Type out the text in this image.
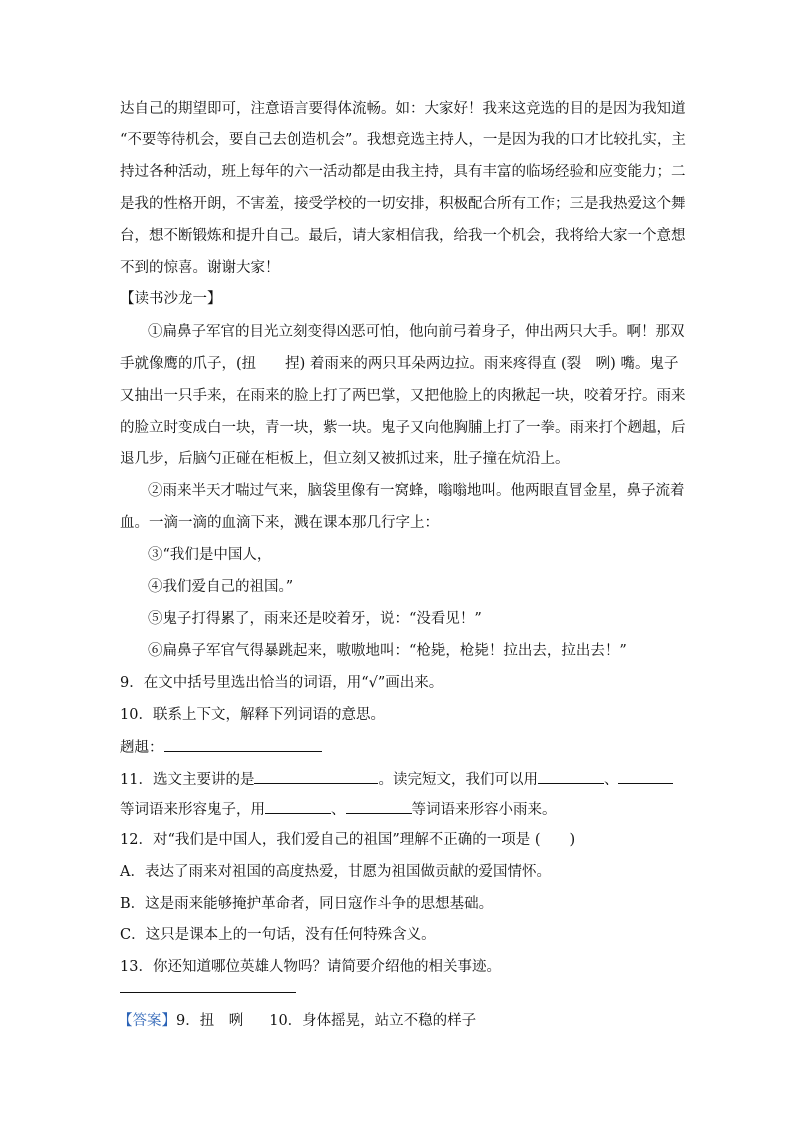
达自己的期望即可，注意语言要得体流畅。如：大家好！我来这竞选的目的是因为我知道
“不要等待机会，要自己去创造机会”。我想竞选主持人，一是因为我的口才比较扎实，主
持过各种活动，班上每年的六一活动都是由我主持，具有丰富的临场经验和应变能力；二
是我的性格开朗，不害羞，接受学校的一切安排，积极配合所有工作；三是我热爱这个舞
台，想不断锻炼和提升自己。最后，请大家相信我，给我一个机会，我将给大家一个意想
不到的惊喜。谢谢大家！
【读书沙龙一】
①扁鼻子军官的目光立刻变得凶恶可怕，他向前弓着身子，伸出两只大手。啊！那双
手就像鹰的爪子，(扭　　捏) 着雨来的两只耳朵两边拉。雨来疼得直 (裂　咧) 嘴。鬼子
又抽出一只手来，在雨来的脸上打了两巴掌，又把他脸上的肉揪起一块，咬着牙拧。雨来
的脸立时变成白一块，青一块，紫一块。鬼子又向他胸脯上打了一拳。雨来打个趔趄，后
退几步，后脑勺正碰在柜板上，但立刻又被抓过来，肚子撞在炕沿上。
②雨来半天才喘过气来，脑袋里像有一窝蜂，嗡嗡地叫。他两眼直冒金星，鼻子流着
血。一滴一滴的血滴下来，溅在课本那几行字上：
③“我们是中国人，
④我们爱自己的祖国。”
⑤鬼子打得累了，雨来还是咬着牙，说：“没看见！”
⑥扁鼻子军官气得暴跳起来，嗷嗷地叫：“枪毙，枪毙！拉出去，拉出去！”
9．在文中括号里选出恰当的词语，用“√”画出来。
10．联系上下文，解释下列词语的意思。
趔趄：
11．选文主要讲的是	。读完短文，我们可以用	、
等词语来形容鬼子，用	、	等词语来形容小雨来。
12．对“我们是中国人，我们爱自己的祖国”理解不正确的一项是 (　　)
A．表达了雨来对祖国的高度热爱，甘愿为祖国做贡献的爱国情怀。
B．这是雨来能够掩护革命者，同日寇作斗争的思想基础。
C．这只是课本上的一句话，没有任何特殊含义。
13．你还知道哪位英雄人物吗？请简要介绍他的相关事迹。
【答案】9．扭　咧 10．身体摇晃，站立不稳的样子
